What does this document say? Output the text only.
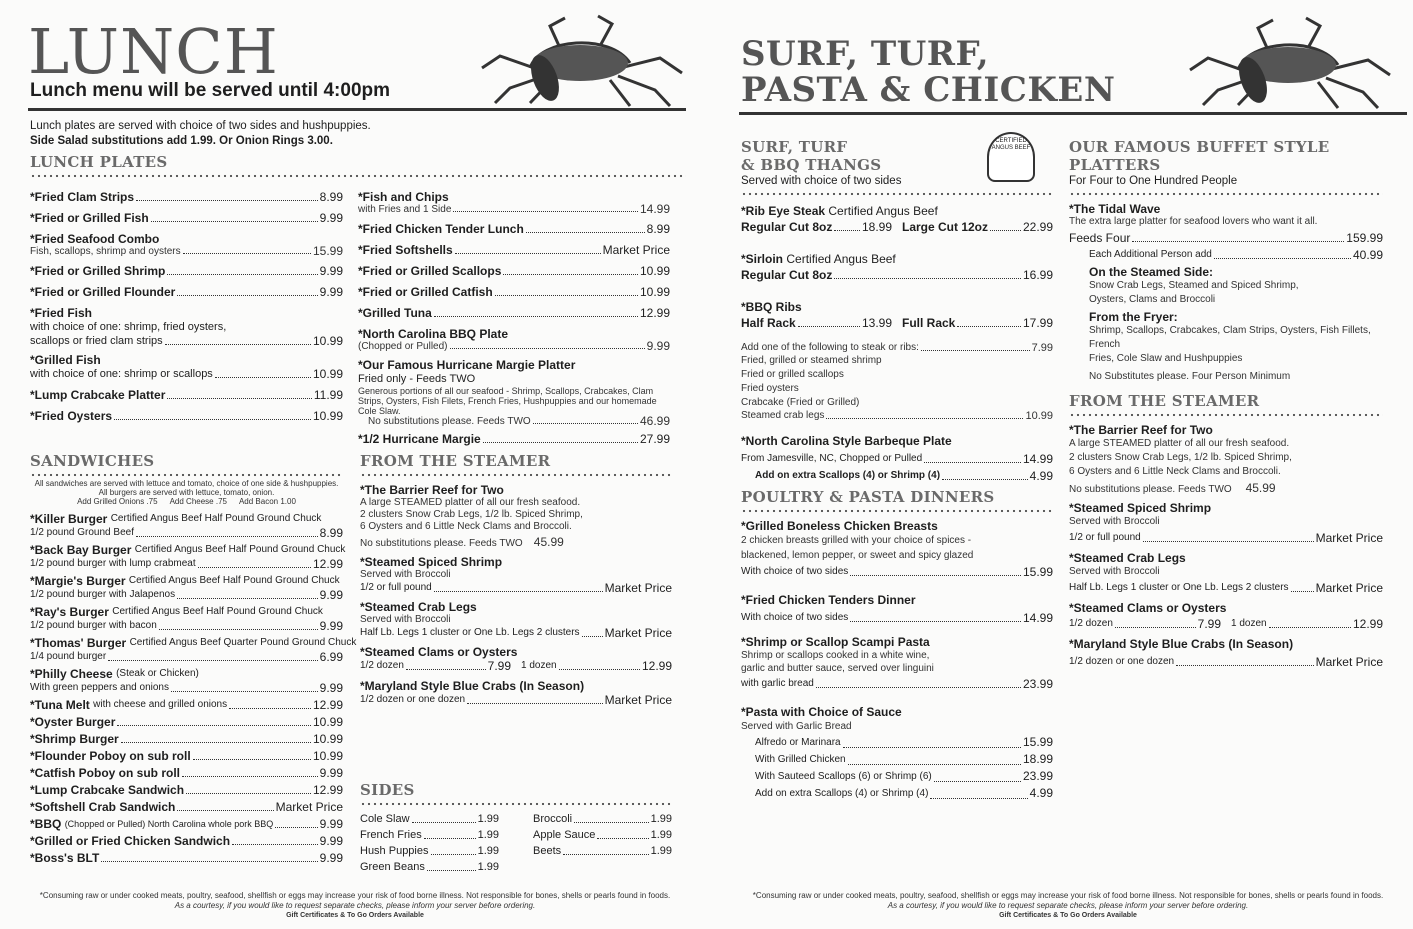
LUNCH
Lunch menu will be served until 4:00pm
Lunch plates are served with choice of two sides and hushpuppies.
Side Salad substitutions add 1.99. Or Onion Rings 3.00.
LUNCH PLATES
*Fried Clam Strips	8.99
*Fried or Grilled Fish	9.99
*Fried Seafood Combo
Fish, scallops, shrimp and oysters	15.99
*Fried or Grilled Shrimp	9.99
*Fried or Grilled Flounder	9.99
*Fried Fish
with choice of one: shrimp, fried oysters,
scallops or fried clam strips	10.99
*Grilled Fish
with choice of one: shrimp or scallops	10.99
*Lump Crabcake Platter	11.99
*Fried Oysters	10.99
*Fish and Chips
with Fries and 1 Side	14.99
*Fried Chicken Tender Lunch	8.99
*Fried Softshells	Market Price
*Fried or Grilled Scallops	10.99
*Fried or Grilled Catfish	10.99
*Grilled Tuna	12.99
*North Carolina BBQ Plate
(Chopped or Pulled)	9.99
*Our Famous Hurricane Margie Platter
Fried only - Feeds TWO
Generous portions of all our seafood - Shrimp, Scallops, Crabcakes, Clam Strips, Oysters, Fish Filets, French Fries, Hushpuppies and our homemade Cole Slaw.
No substitutions please. Feeds TWO	46.99
*1/2 Hurricane Margie	27.99
SANDWICHES
All sandwiches are served with lettuce and tomato, choice of one side & hushpuppies.
All burgers are served with lettuce, tomato, onion.
Add Grilled Onions .75 Add Cheese .75 Add Bacon 1.00
*Killer Burger
Certified Angus Beef Half Pound Ground Chuck
1/2 pound Ground Beef	8.99
*Back Bay Burger
Certified Angus Beef Half Pound Ground Chuck
1/2 pound burger with lump crabmeat	12.99
*Margie's Burger
Certified Angus Beef Half Pound Ground Chuck
1/2 pound burger with Jalapenos	9.99
*Ray's Burger
Certified Angus Beef Half Pound Ground Chuck
1/2 pound burger with bacon	9.99
*Thomas' Burger
Certified Angus Beef Quarter Pound Ground Chuck
1/4 pound burger	6.99
*Philly Cheese
(Steak or Chicken)
With green peppers and onions	9.99
*Tuna Melt
with cheese and grilled onions	12.99
*Oyster Burger	10.99
*Shrimp Burger	10.99
*Flounder Poboy on sub roll	10.99
*Catfish Poboy on sub roll	9.99
*Lump Crabcake Sandwich	12.99
*Softshell Crab Sandwich	Market Price
*BBQ
(Chopped or Pulled) North Carolina whole pork BBQ	9.99
*Grilled or Fried Chicken Sandwich	9.99
*Boss's BLT	9.99
FROM THE STEAMER
*The Barrier Reef for Two
A large STEAMED platter of all our fresh seafood.
2 clusters Snow Crab Legs, 1/2 lb. Spiced Shrimp,
6 Oysters and 6 Little Neck Clams and Broccoli.
No substitutions please. Feeds TWO 45.99
*Steamed Spiced Shrimp
Served with Broccoli
1/2 or full pound	Market Price
*Steamed Crab Legs
Served with Broccoli
Half Lb. Legs 1 cluster or One Lb. Legs 2 clusters Market Price
*Steamed Clams or Oysters
1/2 dozen	7.99 1 dozen	12.99
*Maryland Style Blue Crabs (In Season)
1/2 dozen or one dozen	Market Price
SIDES
Cole Slaw	1.99	Broccoli	1.99
French Fries	1.99	Apple Sauce	1.99
Hush Puppies	1.99	Beets	1.99
Green Beans	1.99
*Consuming raw or under cooked meats, poultry, seafood, shellfish or eggs may increase your risk of food borne illness. Not responsible for bones, shells or pearls found in foods.
As a courtesy, if you would like to request separate checks, please inform your server before ordering.
Gift Certificates & To Go Orders Available
SURF, TURF,
PASTA & CHICKEN
SURF, TURF
& BBQ THANGS
Served with choice of two sides
CERTIFIED ANGUS BEEF
*Rib Eye Steak
Certified Angus Beef
Regular Cut 8oz 18.99 Large Cut 12oz	22.99
*Sirloin
Certified Angus Beef
Regular Cut 8oz	16.99
*BBQ Ribs
Half Rack	13.99 Full Rack	17.99
Add one of the following to steak or ribs:	7.99
Fried, grilled or steamed shrimp
Fried or grilled scallops
Fried oysters
Crabcake (Fried or Grilled)
Steamed crab legs	10.99
*North Carolina Style Barbeque Plate
From Jamesville, NC, Chopped or Pulled	14.99
Add on extra Scallops (4) or Shrimp (4)	4.99
POULTRY & PASTA DINNERS
*Grilled Boneless Chicken Breasts
2 chicken breasts grilled with your choice of spices -
blackened, lemon pepper, or sweet and spicy glazed
With choice of two sides	15.99
*Fried Chicken Tenders Dinner
With choice of two sides	14.99
*Shrimp or Scallop Scampi Pasta
Shrimp or scallops cooked in a white wine,
garlic and butter sauce, served over linguini
with garlic bread	23.99
*Pasta with Choice of Sauce
Served with Garlic Bread
Alfredo or Marinara	15.99
With Grilled Chicken	18.99
With Sauteed Scallops (6) or Shrimp (6)	23.99
Add on extra Scallops (4) or Shrimp (4)	4.99
OUR FAMOUS BUFFET STYLE
PLATTERS
For Four to One Hundred People
*The Tidal Wave
The extra large platter for seafood lovers who want it all.
Feeds Four	159.99
Each Additional Person add	40.99
On the Steamed Side:
Snow Crab Legs, Steamed and Spiced Shrimp,
Oysters, Clams and Broccoli
From the Fryer:
Shrimp, Scallops, Crabcakes, Clam Strips, Oysters, Fish Fillets, French
Fries, Cole Slaw and Hushpuppies
No Substitutes please. Four Person Minimum
FROM THE STEAMER
*The Barrier Reef for Two
A large STEAMED platter of all our fresh seafood.
2 clusters Snow Crab Legs, 1/2 lb. Spiced Shrimp,
6 Oysters and 6 Little Neck Clams and Broccoli.
No substitutions please. Feeds TWO 45.99
*Steamed Spiced Shrimp
Served with Broccoli
1/2 or full pound	Market Price
*Steamed Crab Legs
Served with Broccoli
Half Lb. Legs 1 cluster or One Lb. Legs 2 clusters Market Price
*Steamed Clams or Oysters
1/2 dozen	7.99 1 dozen	12.99
*Maryland Style Blue Crabs (In Season)
1/2 dozen or one dozen	Market Price
*Consuming raw or under cooked meats, poultry, seafood, shellfish or eggs may increase your risk of food borne illness. Not responsible for bones, shells or pearls found in foods.
As a courtesy, if you would like to request separate checks, please inform your server before ordering.
Gift Certificates & To Go Orders Available
